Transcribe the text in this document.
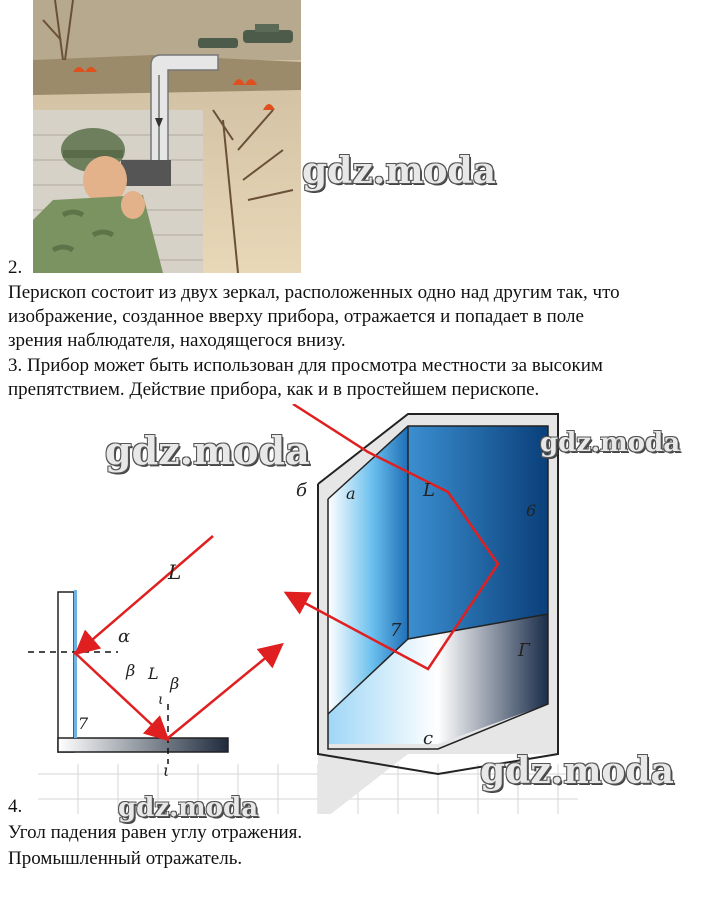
gdz.moda
2.
Перископ состоит из двух зеркал, расположенных одно над другим так, что
изображение, созданное вверху прибора, отражается и попадает в поле
зрения наблюдателя, находящегося внизу.
3. Прибор может быть использован для просмотра местности за высоким
препятствием. Действие прибора, как и в простейшем перископе.
б а	L
6
7
Г
с
L
α
β L
β
ι
ι
7
gdz.moda	gdz.moda
gdz.moda
gdz.moda
4.
Угол падения равен углу отражения.
Промышленный отражатель.
